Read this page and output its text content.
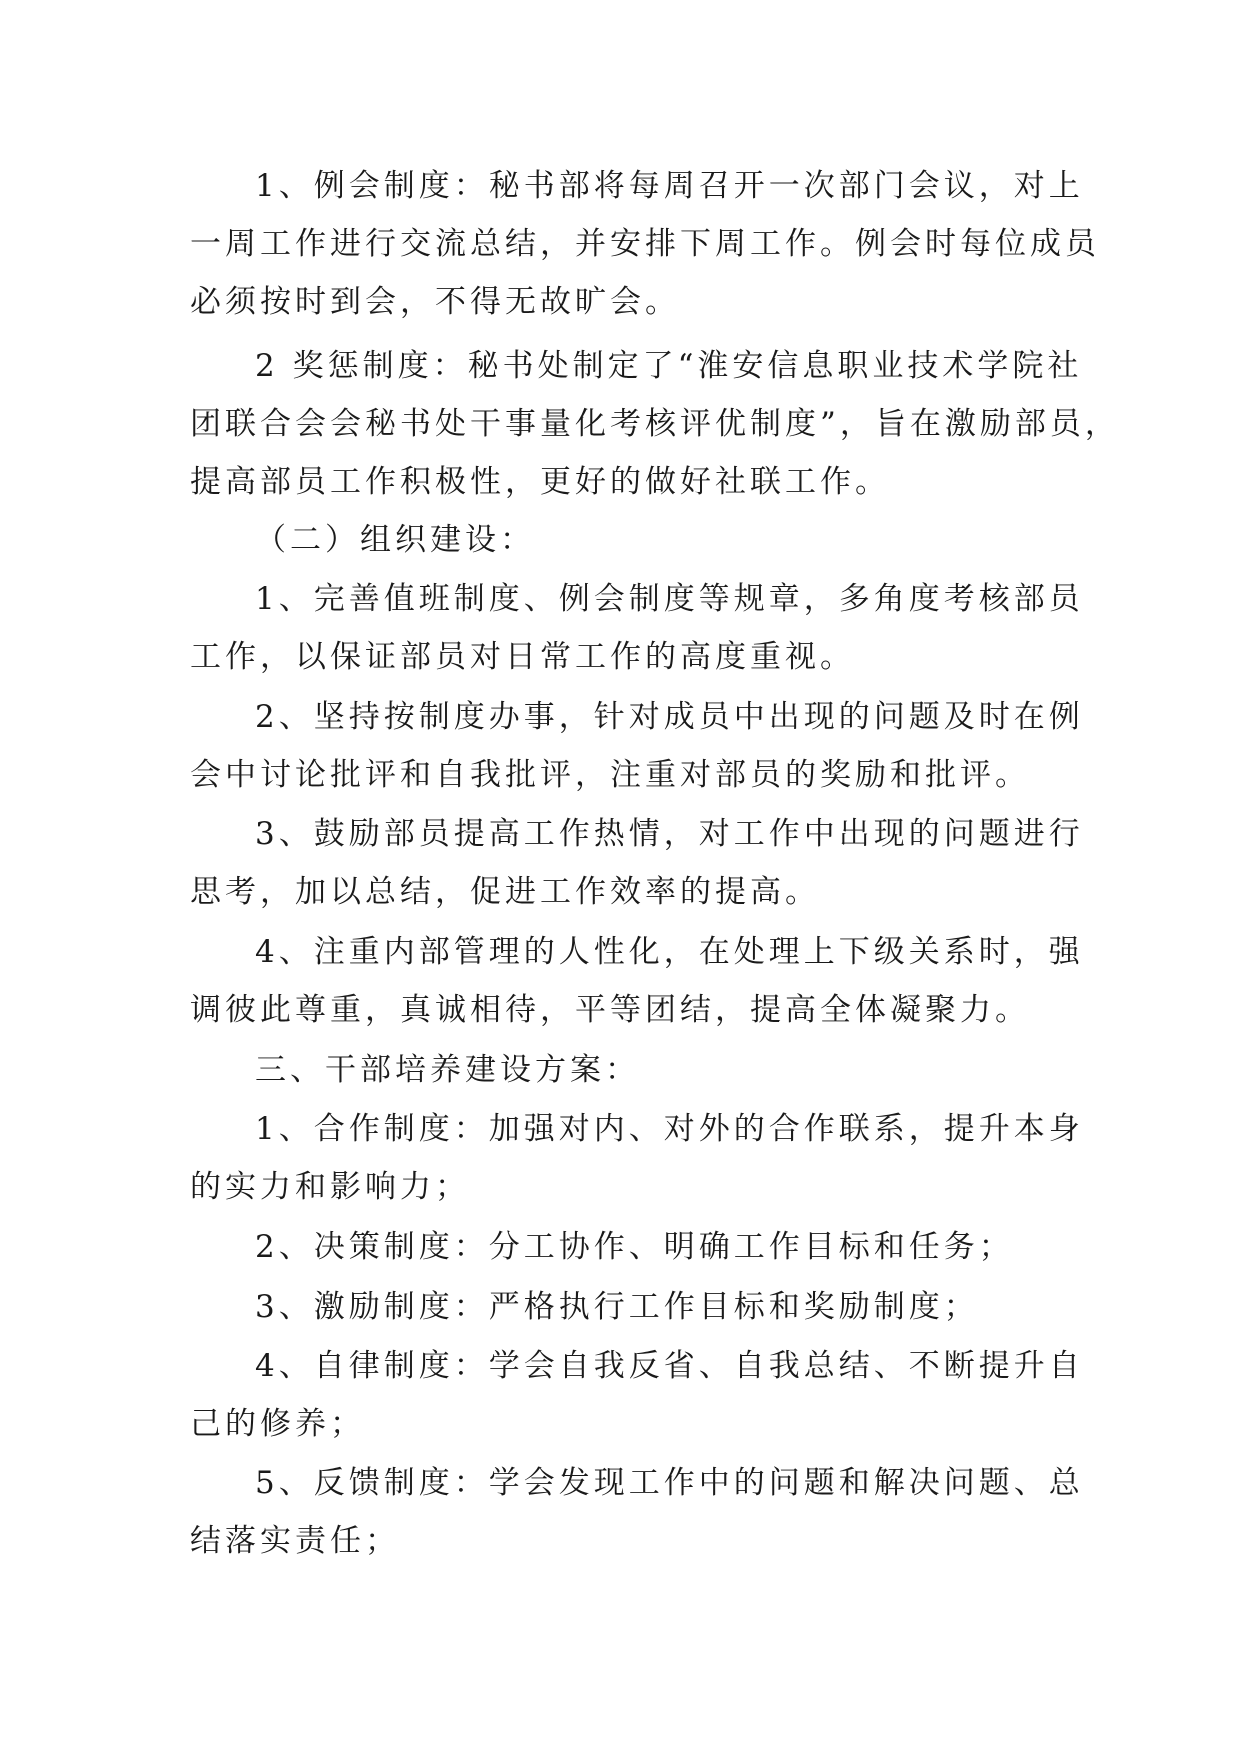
1、例会制度：秘书部将每周召开一次部门会议，对上
一周工作进行交流总结，并安排下周工作。例会时每位成员
必须按时到会，不得无故旷会。
2 奖惩制度：秘书处制定了“淮安信息职业技术学院社
团联合会会秘书处干事量化考核评优制度”，旨在激励部员，
提高部员工作积极性，更好的做好社联工作。
（二）组织建设：
1、完善值班制度、例会制度等规章，多角度考核部员
工作，以保证部员对日常工作的高度重视。
2、坚持按制度办事，针对成员中出现的问题及时在例
会中讨论批评和自我批评，注重对部员的奖励和批评。
3、鼓励部员提高工作热情，对工作中出现的问题进行
思考，加以总结，促进工作效率的提高。
4、注重内部管理的人性化，在处理上下级关系时，强
调彼此尊重，真诚相待，平等团结，提高全体凝聚力。
三、干部培养建设方案：
1、合作制度：加强对内、对外的合作联系，提升本身
的实力和影响力；
2、决策制度：分工协作、明确工作目标和任务；
3、激励制度：严格执行工作目标和奖励制度；
4、自律制度：学会自我反省、自我总结、不断提升自
己的修养；
5、反馈制度：学会发现工作中的问题和解决问题、总
结落实责任；
